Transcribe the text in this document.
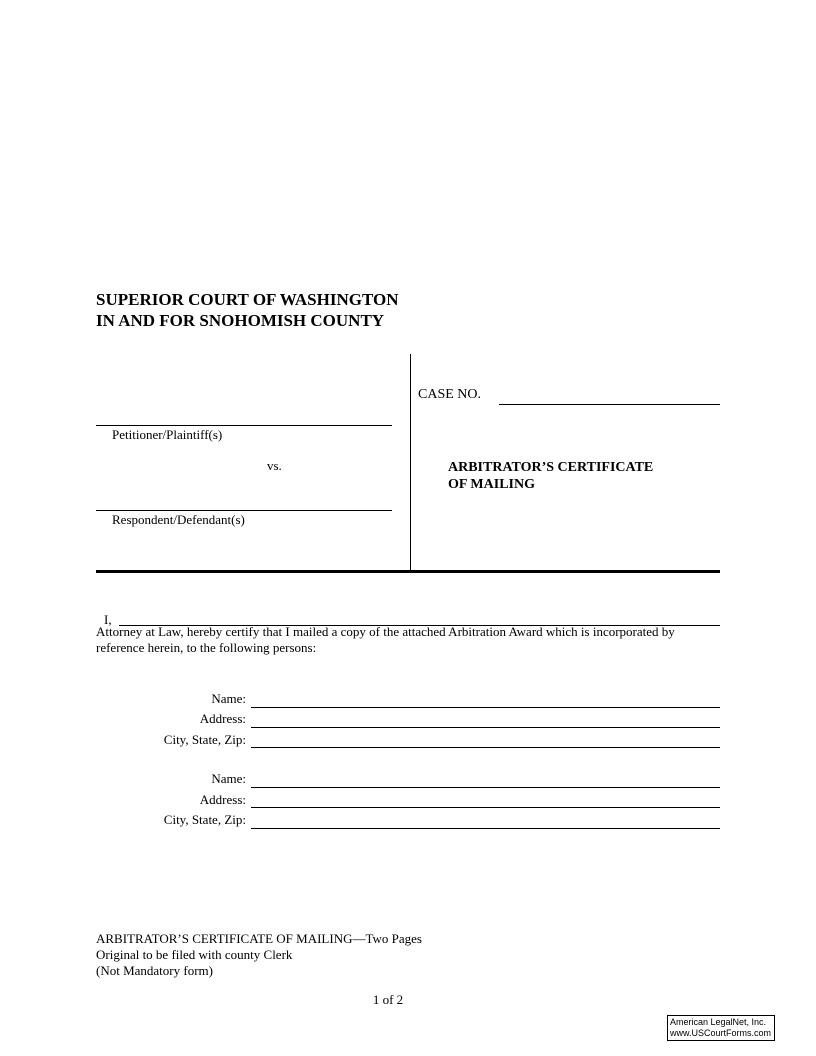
SUPERIOR COURT OF WASHINGTON
IN AND FOR SNOHOMISH COUNTY
Petitioner/Plaintiff(s)
vs.
Respondent/Defendant(s)
CASE NO.
ARBITRATOR’S CERTIFICATE
OF MAILING
I,
Attorney at Law, hereby certify that I mailed a copy of the attached Arbitration Award which is incorporated by reference herein, to the following persons:
Name:
Address:
City, State, Zip:
Name:
Address:
City, State, Zip:
ARBITRATOR’S CERTIFICATE OF MAILING—Two Pages
Original to be filed with county Clerk
(Not Mandatory form)
1 of 2
American LegalNet, Inc.
www.USCourtForms.com
